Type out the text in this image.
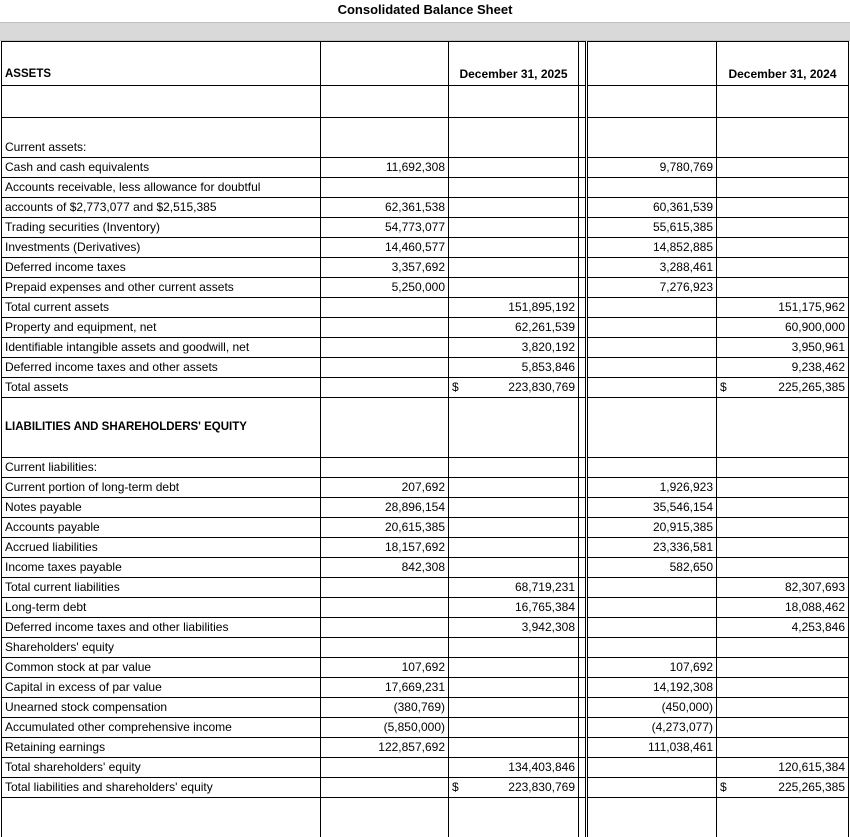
Consolidated Balance Sheet

ASSETS		December 31, 2025			December 31, 2024

Current assets:					
Cash and cash equivalents	11,692,308			9,780,769	
Accounts receivable, less allowance for doubtful					
accounts of $2,773,077 and $2,515,385	62,361,538			60,361,539	
Trading securities (Inventory)	54,773,077			55,615,385	
Investments (Derivatives)	14,460,577			14,852,885	
Deferred income taxes	3,357,692			3,288,461	
Prepaid expenses and other current assets	5,250,000			7,276,923	
Total current assets		151,895,192			151,175,962
Property and equipment, net		62,261,539			60,900,000
Identifiable intangible assets and goodwill, net		3,820,192			3,950,961
Deferred income taxes and other assets		5,853,846			9,238,462
Total assets		$ 223,830,769			$ 225,265,385

LIABILITIES AND SHAREHOLDERS' EQUITY					

Current liabilities:					
Current portion of long-term debt	207,692			1,926,923	
Notes payable	28,896,154			35,546,154	
Accounts payable	20,615,385			20,915,385	
Accrued liabilities	18,157,692			23,336,581	
Income taxes payable	842,308			582,650	
Total current liabilities		68,719,231			82,307,693
Long-term debt		16,765,384			18,088,462
Deferred income taxes and other liabilities		3,942,308			4,253,846
Shareholders' equity					
Common stock at par value	107,692			107,692	
Capital in excess of par value	17,669,231			14,192,308	
Unearned stock compensation	(380,769)			(450,000)	
Accumulated other comprehensive income	(5,850,000)			(4,273,077)	
Retaining earnings	122,857,692			111,038,461	
Total shareholders' equity		134,403,846			120,615,384
Total liabilities and shareholders' equity		$ 223,830,769			$ 225,265,385
